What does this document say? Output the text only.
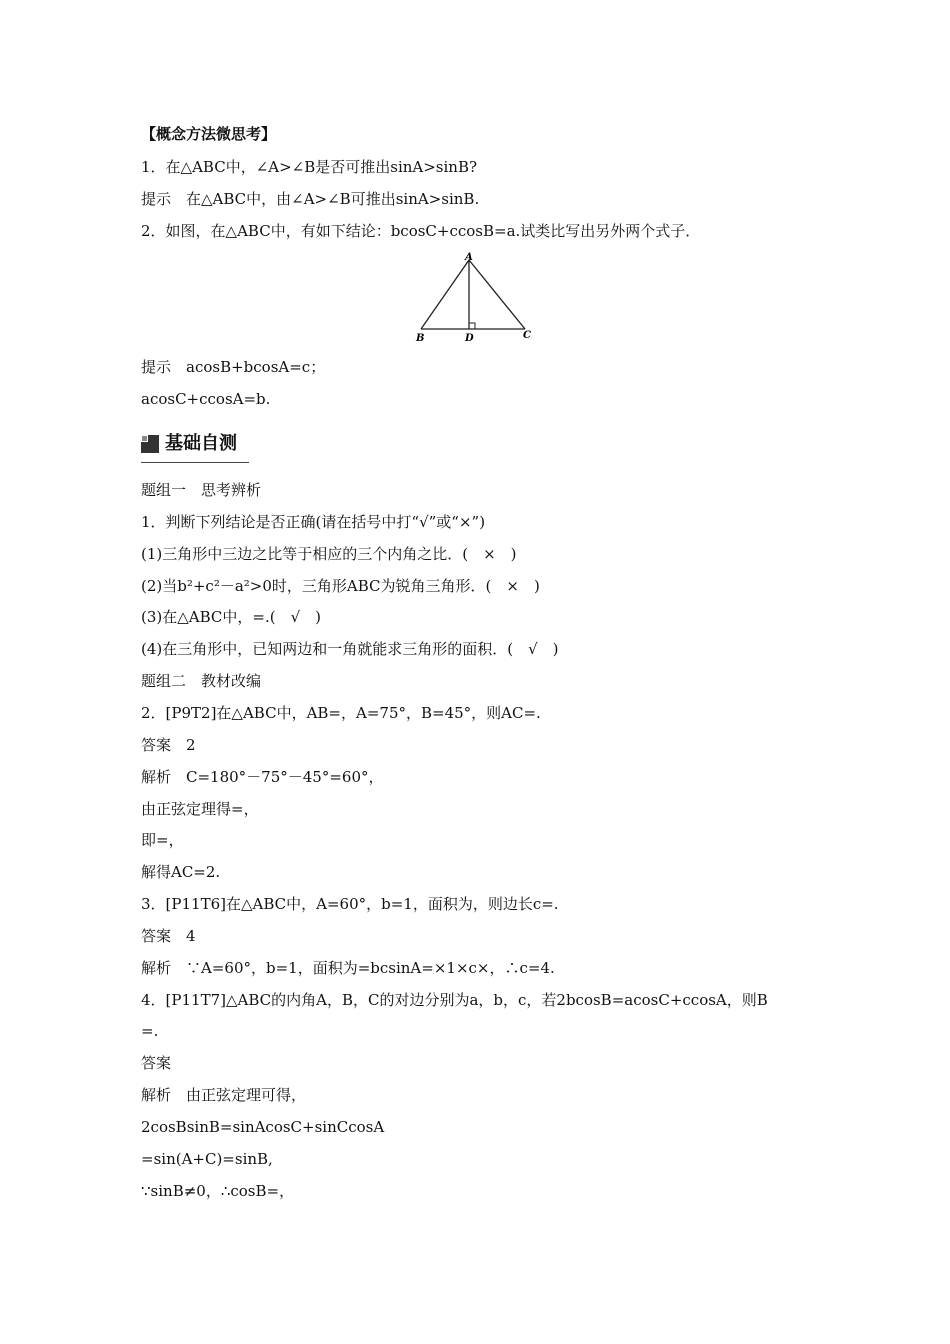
【概念方法微思考】
1．在△ABC中，∠A>∠B是否可推出sinA>sinB?
提示　在△ABC中，由∠A>∠B可推出sinA>sinB.
2．如图，在△ABC中，有如下结论：bcosC+ccosB=a.试类比写出另外两个式子．
A
B	D	C
提示　acosB+bcosA=c；
acosC+ccosA=b.
基础自测
题组一　思考辨析
1．判断下列结论是否正确(请在括号中打“√”或“×”)
(1)三角形中三边之比等于相应的三个内角之比．(　×　)
(2)当b²+c²－a²>0时，三角形ABC为锐角三角形．(　×　)
(3)在△ABC中，=.(　√　)
(4)在三角形中，已知两边和一角就能求三角形的面积．(　√　)
题组二　教材改编
2．[P9T2]在△ABC中，AB=，A=75°，B=45°，则AC=.
答案　2
解析　C=180°－75°－45°=60°，
由正弦定理得=，
即=，
解得AC=2.
3．[P11T6]在△ABC中，A=60°，b=1，面积为，则边长c=.
答案　4
解析　∵A=60°，b=1，面积为=bcsinA=×1×c×，∴c=4.
4．[P11T7]△ABC的内角A，B，C的对边分别为a，b，c，若2bcosB=acosC+ccosA，则B
=.
答案
解析　由正弦定理可得，
2cosBsinB=sinAcosC+sinCcosA
=sin(A+C)=sinB,
∵sinB≠0，∴cosB=，
